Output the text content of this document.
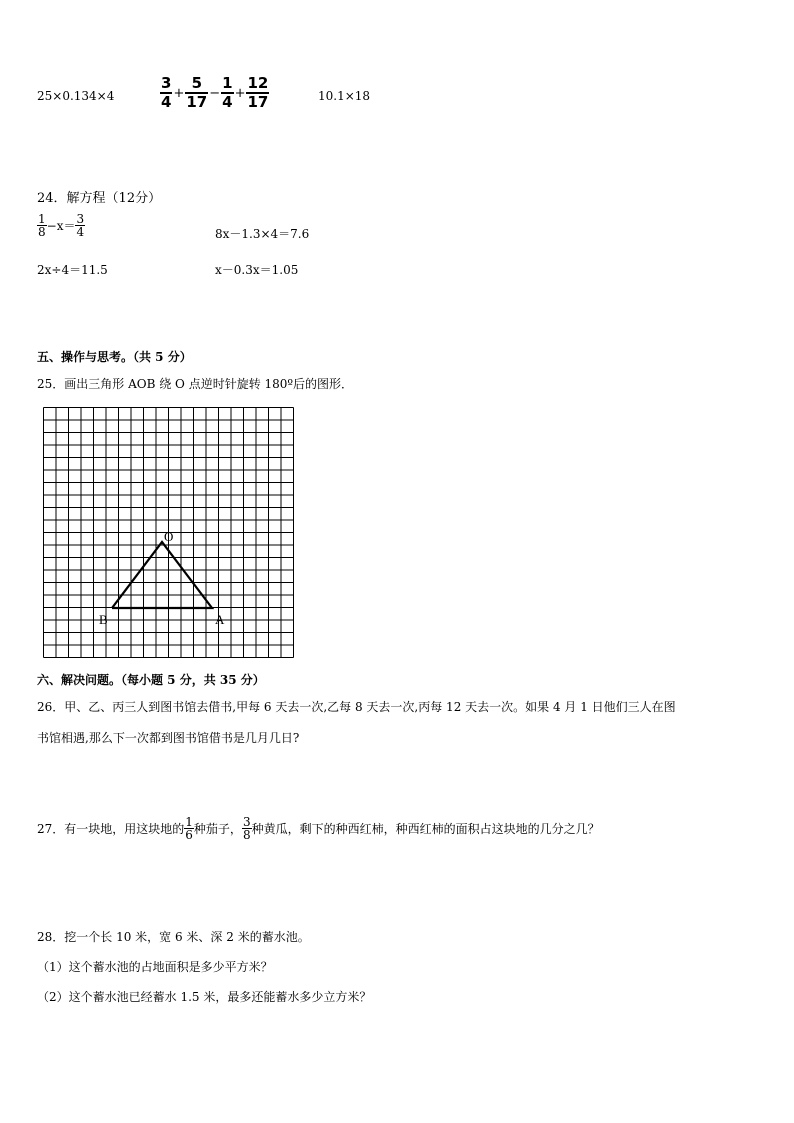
25×0.134×4	$\frac{3}{4} + \frac{5}{17} - \frac{1}{4} + \frac{12}{17}$	10.1×18
24．解方程（12分）
$\frac{1}{8} -x= \frac{3}{4}$	8x－1.3×4＝7.6
2x÷4＝11.5	x－0.3x＝1.05
五、操作与思考。（共 5 分）
25．画出三角形 AOB 绕 O 点逆时针旋转 180º后的图形．
O
B	A
六、解决问题。（每小题 5 分，共 35 分）
26．甲、乙、丙三人到图书馆去借书,甲每 6 天去一次,乙每 8 天去一次,丙每 12 天去一次。如果 4 月 1 日他们三人在图
书馆相遇,那么下一次都到图书馆借书是几月几日?
27．有一块地，用这块地的 $\frac{1}{6}$ 种茄子， $\frac{3}{8}$ 种黄瓜，剩下的种西红柿，种西红柿的面积占这块地的几分之几？
28．挖一个长 10 米，宽 6 米、深 2 米的蓄水池。
（1）这个蓄水池的占地面积是多少平方米？
（2）这个蓄水池已经蓄水 1.5 米，最多还能蓄水多少立方米？
